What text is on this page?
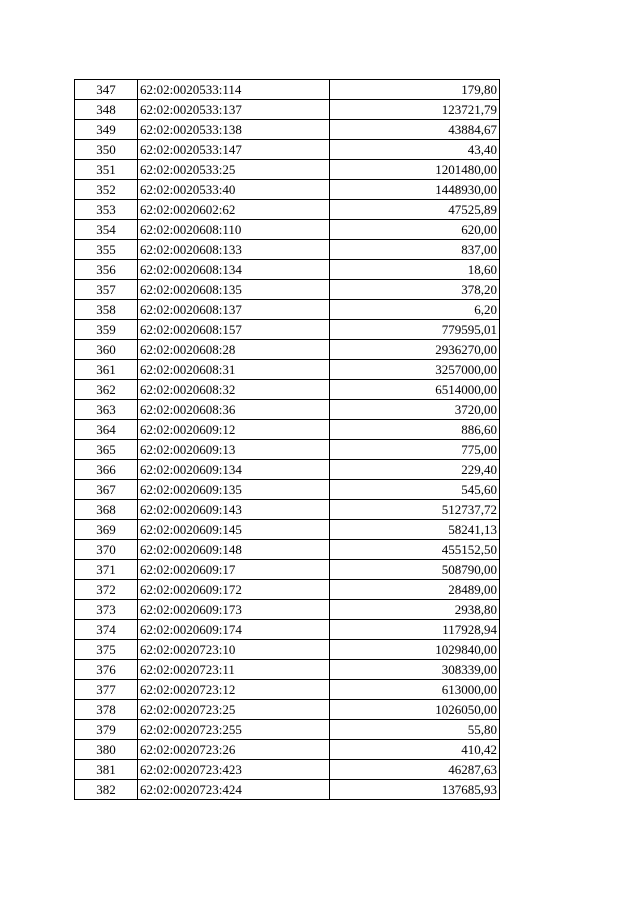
347	62:02:0020533:114	179,80
348	62:02:0020533:137	123721,79
349	62:02:0020533:138	43884,67
350	62:02:0020533:147	43,40
351	62:02:0020533:25	1201480,00
352	62:02:0020533:40	1448930,00
353	62:02:0020602:62	47525,89
354	62:02:0020608:110	620,00
355	62:02:0020608:133	837,00
356	62:02:0020608:134	18,60
357	62:02:0020608:135	378,20
358	62:02:0020608:137	6,20
359	62:02:0020608:157	779595,01
360	62:02:0020608:28	2936270,00
361	62:02:0020608:31	3257000,00
362	62:02:0020608:32	6514000,00
363	62:02:0020608:36	3720,00
364	62:02:0020609:12	886,60
365	62:02:0020609:13	775,00
366	62:02:0020609:134	229,40
367	62:02:0020609:135	545,60
368	62:02:0020609:143	512737,72
369	62:02:0020609:145	58241,13
370	62:02:0020609:148	455152,50
371	62:02:0020609:17	508790,00
372	62:02:0020609:172	28489,00
373	62:02:0020609:173	2938,80
374	62:02:0020609:174	117928,94
375	62:02:0020723:10	1029840,00
376	62:02:0020723:11	308339,00
377	62:02:0020723:12	613000,00
378	62:02:0020723:25	1026050,00
379	62:02:0020723:255	55,80
380	62:02:0020723:26	410,42
381	62:02:0020723:423	46287,63
382	62:02:0020723:424	137685,93
